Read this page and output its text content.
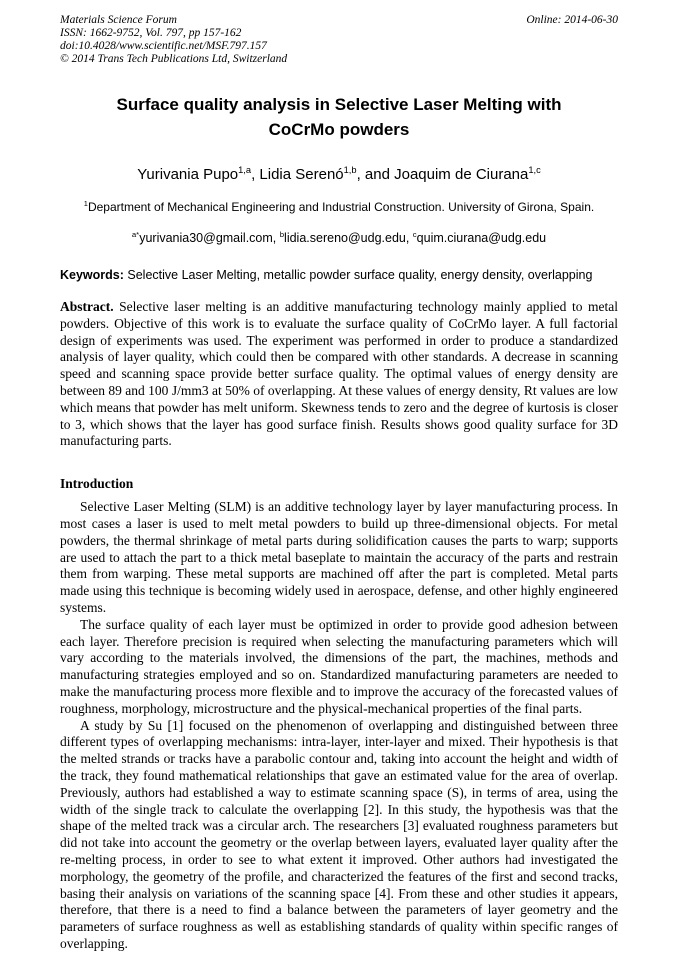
Materials Science Forum
ISSN: 1662-9752, Vol. 797, pp 157-162
doi:10.4028/www.scientific.net/MSF.797.157
© 2014 Trans Tech Publications Ltd, Switzerland
Online: 2014-06-30
Surface quality analysis in Selective Laser Melting with CoCrMo powders
Yurivania Pupo$^{1,a}$, Lidia Serenó$^{1,b}$, and Joaquim de Ciurana$^{1,c}$
$^1$Department of Mechanical Engineering and Industrial Construction. University of Girona, Spain.
$^{a*}$yurivania30@gmail.com, $^b$lidia.sereno@udg.edu, $^c$quim.ciurana@udg.edu
Keywords: Selective Laser Melting, metallic powder surface quality, energy density, overlapping

Abstract. Selective laser melting is an additive manufacturing technology mainly applied to metal powders. Objective of this work is to evaluate the surface quality of CoCrMo layer. A full factorial design of experiments was used. The experiment was performed in order to produce a standardized analysis of layer quality, which could then be compared with other standards. A decrease in scanning speed and scanning space provide better surface quality. The optimal values of energy density are between 89 and 100 J/mm3 at 50% of overlapping. At these values of energy density, Rt values are low which means that powder has melt uniform. Skewness tends to zero and the degree of kurtosis is closer to 3, which shows that the layer has good surface finish. Results shows good quality surface for 3D manufacturing parts.

Introduction

Selective Laser Melting (SLM) is an additive technology layer by layer manufacturing process. In most cases a laser is used to melt metal powders to build up three-dimensional objects. For metal powders, the thermal shrinkage of metal parts during solidification causes the parts to warp; supports are used to attach the part to a thick metal baseplate to maintain the accuracy of the parts and restrain them from warping. These metal supports are machined off after the part is completed. Metal parts made using this technique is becoming widely used in aerospace, defense, and other highly engineered systems.

The surface quality of each layer must be optimized in order to provide good adhesion between each layer. Therefore precision is required when selecting the manufacturing parameters which will vary according to the materials involved, the dimensions of the part, the machines, methods and manufacturing strategies employed and so on. Standardized manufacturing parameters are needed to make the manufacturing process more flexible and to improve the accuracy of the forecasted values of roughness, morphology, microstructure and the physical-mechanical properties of the final parts.

A study by Su [1] focused on the phenomenon of overlapping and distinguished between three different types of overlapping mechanisms: intra-layer, inter-layer and mixed. Their hypothesis is that the melted strands or tracks have a parabolic contour and, taking into account the height and width of the track, they found mathematical relationships that gave an estimated value for the area of overlap. Previously, authors had established a way to estimate scanning space (S), in terms of area, using the width of the single track to calculate the overlapping [2]. In this study, the hypothesis was that the shape of the melted track was a circular arch. The researchers [3] evaluated roughness parameters but did not take into account the geometry or the overlap between layers, evaluated layer quality after the re-melting process, in order to see to what extent it improved. Other authors had investigated the morphology, the geometry of the profile, and characterized the features of the first and second tracks, basing their analysis on variations of the scanning space [4]. From these and other studies it appears, therefore, that there is a need to find a balance between the parameters of layer geometry and the parameters of surface roughness as well as establishing standards of quality within specific ranges of overlapping.
